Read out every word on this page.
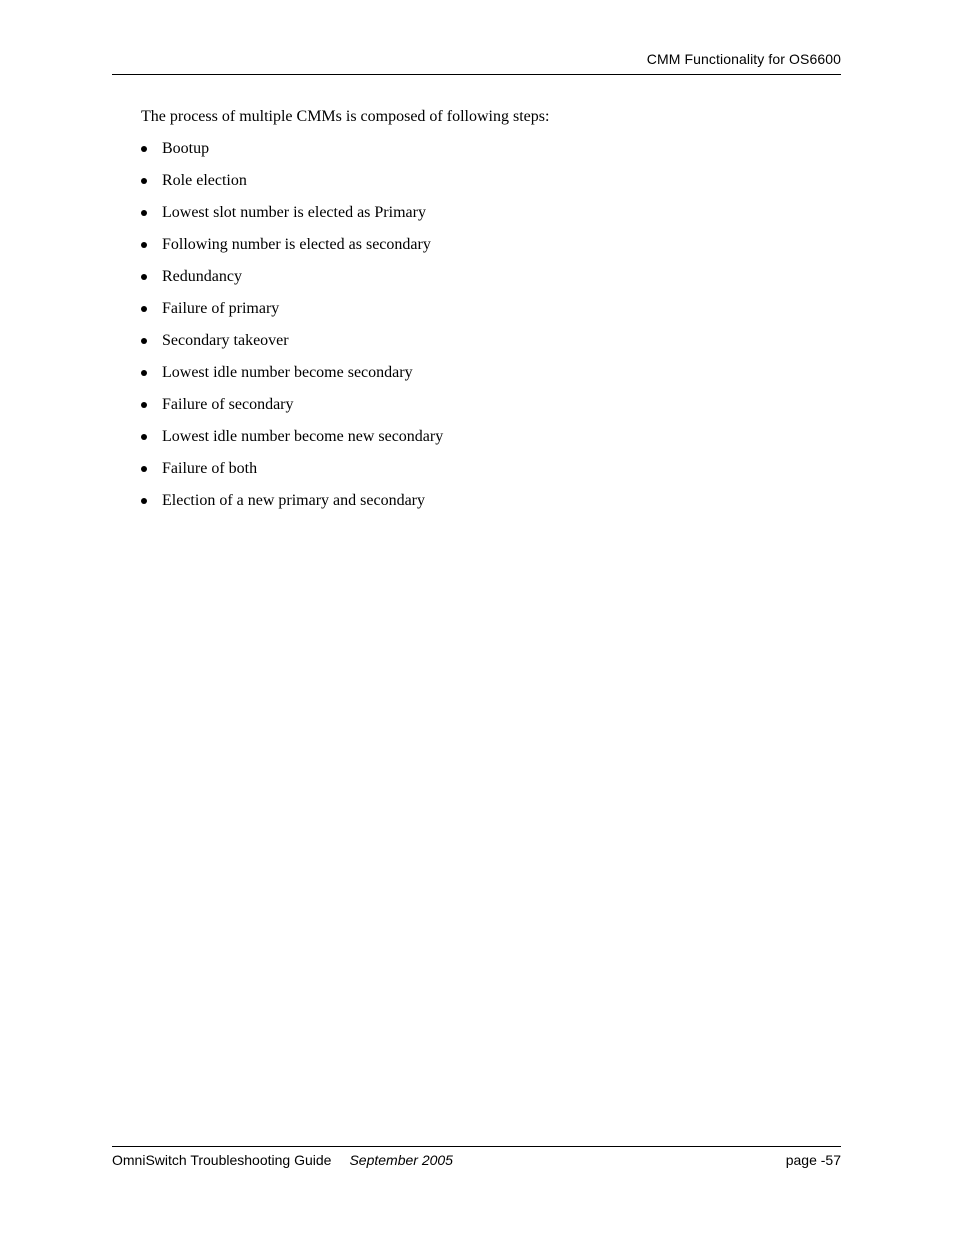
CMM Functionality for OS6600

The process of multiple CMMs is composed of following steps:

Bootup
Role election
Lowest slot number is elected as Primary
Following number is elected as secondary
Redundancy
Failure of primary
Secondary takeover
Lowest idle number become secondary
Failure of secondary
Lowest idle number become new secondary
Failure of both
Election of a new primary and secondary
OmniSwitch Troubleshooting Guide September 2005	page -57
